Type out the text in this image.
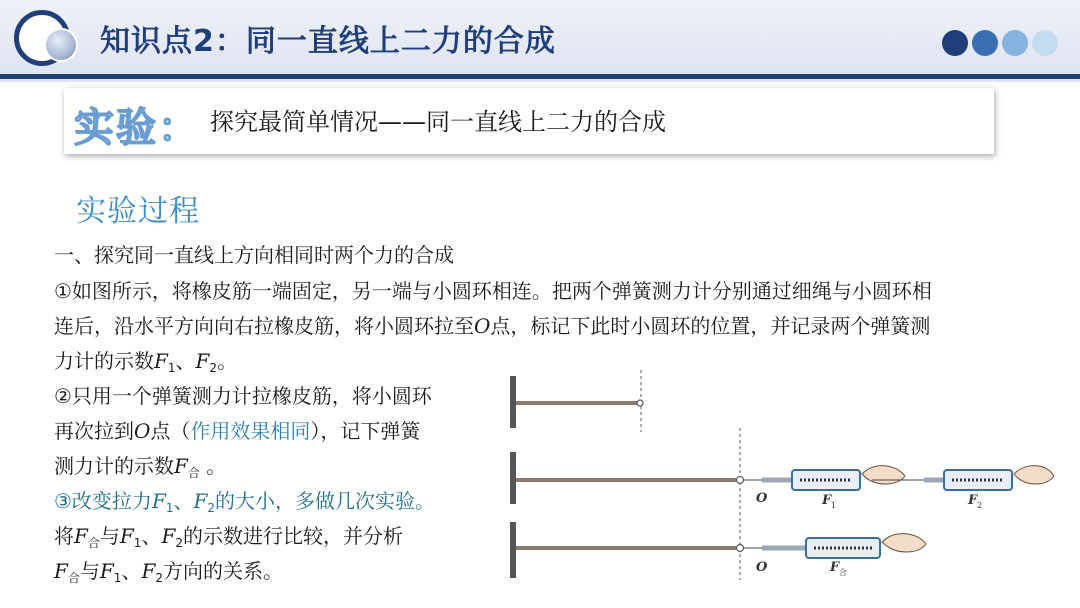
知识点2：同一直线上二力的合成
实验： 探究最简单情况——同一直线上二力的合成
实验过程
一、探究同一直线上方向相同时两个力的合成
①如图所示，将橡皮筋一端固定，另一端与小圆环相连。把两个弹簧测力计分别通过细绳与小圆环相
连后，沿水平方向向右拉橡皮筋，将小圆环拉至O点，标记下此时小圆环的位置，并记录两个弹簧测
力计的示数$F_1$、$F_2$。
②只用一个弹簧测力计拉橡皮筋，将小圆环
再次拉到O点（作用效果相同），记下弹簧
测力计的示数$F_合$ 。
③改变拉力$F_1$、$F_2$的大小，多做几次实验。
将$F_合$与$F_1$、$F_2$的示数进行比较，并分析
$F_合$与$F_1$、$F_2$方向的关系。
O	F 1	F 2
O	F 合
